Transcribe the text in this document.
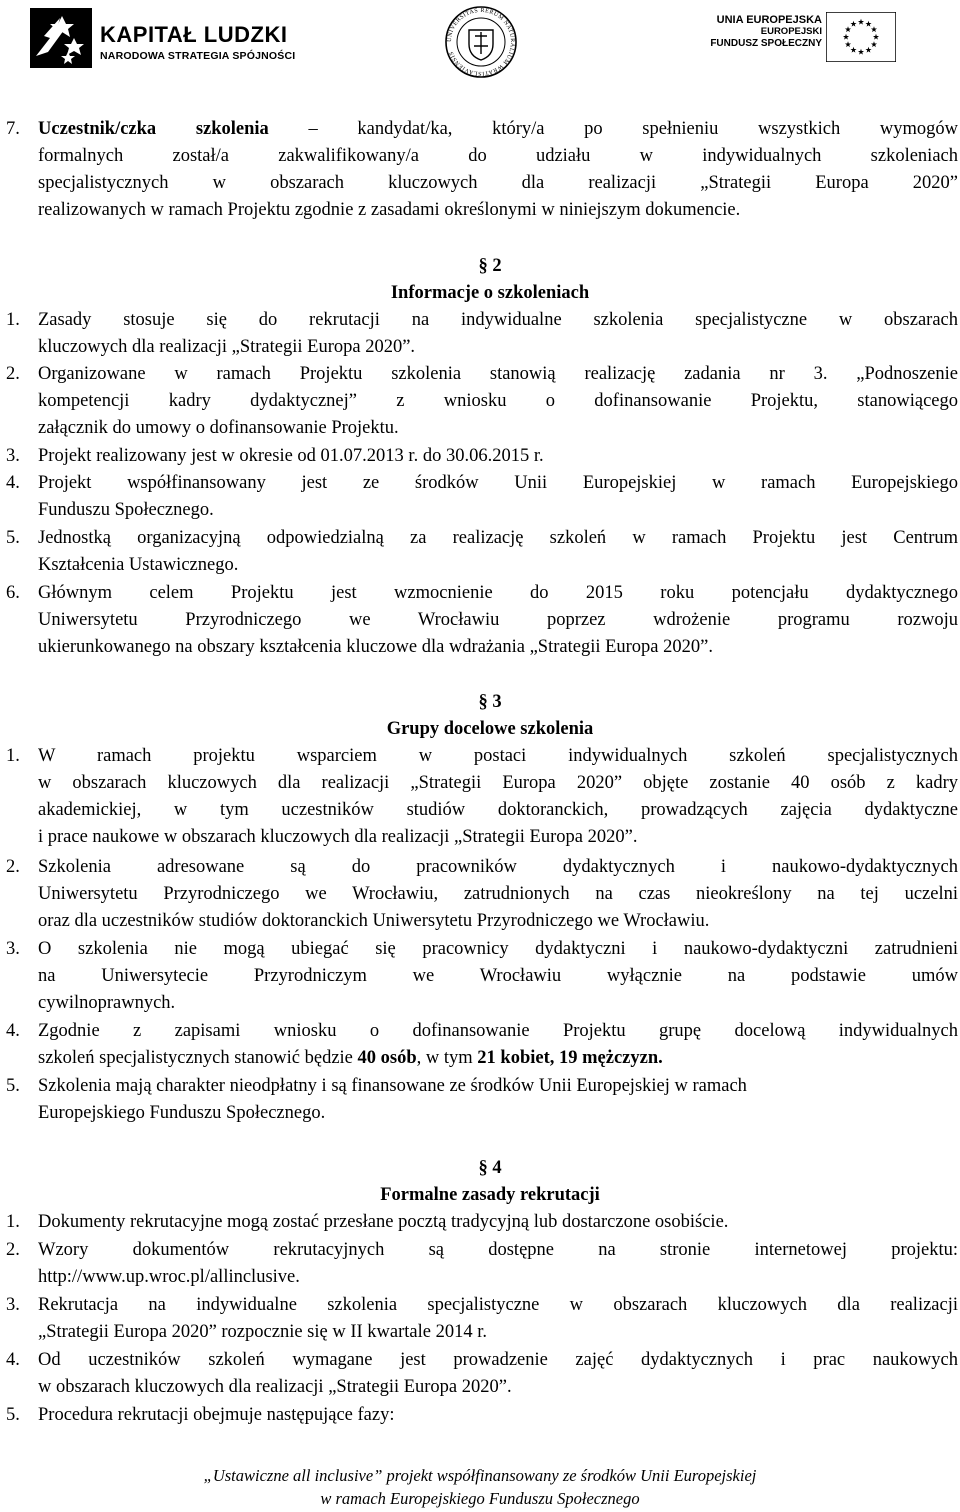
KAPITAŁ LUDZKI
NARODOWA STRATEGIA SPÓJNOŚCI
UNIVERSITAS RERUM NATURALIUM WRATISLAVIENSIS
UNIA EUROPEJSKA
EUROPEJSKI
FUNDUSZ SPOŁECZNY
7. Uczestnik/czka szkolenia – kandydat/ka, który/a po spełnieniu wszystkich wymogów
formalnych został/a zakwalifikowany/a do udziału w indywidualnych szkoleniach
specjalistycznych w obszarach kluczowych dla realizacji „Strategii Europa 2020”
realizowanych w ramach Projektu zgodnie z zasadami określonymi w niniejszym dokumencie.
§ 2
Informacje o szkoleniach
1. Zasady stosuje się do rekrutacji na indywidualne szkolenia specjalistyczne w obszarach
kluczowych dla realizacji „Strategii Europa 2020”.
2. Organizowane w ramach Projektu szkolenia stanowią realizację zadania nr 3. „Podnoszenie
kompetencji kadry dydaktycznej” z wniosku o dofinansowanie Projektu, stanowiącego
załącznik do umowy o dofinansowanie Projektu.
3. Projekt realizowany jest w okresie od 01.07.2013 r. do 30.06.2015 r.
4. Projekt współfinansowany jest ze środków Unii Europejskiej w ramach Europejskiego
Funduszu Społecznego.
5. Jednostką organizacyjną odpowiedzialną za realizację szkoleń w ramach Projektu jest Centrum
Kształcenia Ustawicznego.
6. Głównym celem Projektu jest wzmocnienie do 2015 roku potencjału dydaktycznego
Uniwersytetu Przyrodniczego we Wrocławiu poprzez wdrożenie programu rozwoju
ukierunkowanego na obszary kształcenia kluczowe dla wdrażania „Strategii Europa 2020”.
§ 3
Grupy docelowe szkolenia
1. W ramach projektu wsparciem w postaci indywidualnych szkoleń specjalistycznych
w obszarach kluczowych dla realizacji „Strategii Europa 2020” objęte zostanie 40 osób z kadry
akademickiej, w tym uczestników studiów doktoranckich, prowadzących zajęcia dydaktyczne
i prace naukowe w obszarach kluczowych dla realizacji „Strategii Europa 2020”.
2. Szkolenia adresowane są do pracowników dydaktycznych i naukowo-dydaktycznych
Uniwersytetu Przyrodniczego we Wrocławiu, zatrudnionych na czas nieokreślony na tej uczelni
oraz dla uczestników studiów doktoranckich Uniwersytetu Przyrodniczego we Wrocławiu.
3. O szkolenia nie mogą ubiegać się pracownicy dydaktyczni i naukowo-dydaktyczni zatrudnieni
na Uniwersytecie Przyrodniczym we Wrocławiu wyłącznie na podstawie umów
cywilnoprawnych.
4. Zgodnie z zapisami wniosku o dofinansowanie Projektu grupę docelową indywidualnych
szkoleń specjalistycznych stanowić będzie 40 osób, w tym 21 kobiet, 19 mężczyzn.
5. Szkolenia mają charakter nieodpłatny i są finansowane ze środków Unii Europejskiej w ramach
Europejskiego Funduszu Społecznego.
§ 4
Formalne zasady rekrutacji
1. Dokumenty rekrutacyjne mogą zostać przesłane pocztą tradycyjną lub dostarczone osobiście.
2. Wzory dokumentów rekrutacyjnych są dostępne na stronie internetowej projektu:
http://www.up.wroc.pl/allinclusive.
3. Rekrutacja na indywidualne szkolenia specjalistyczne w obszarach kluczowych dla realizacji
„Strategii Europa 2020” rozpocznie się w II kwartale 2014 r.
4. Od uczestników szkoleń wymagane jest prowadzenie zajęć dydaktycznych i prac naukowych
w obszarach kluczowych dla realizacji „Strategii Europa 2020”.
5. Procedura rekrutacji obejmuje następujące fazy:
„Ustawiczne all inclusive” projekt współfinansowany ze środków Unii Europejskiej
w ramach Europejskiego Funduszu Społecznego
